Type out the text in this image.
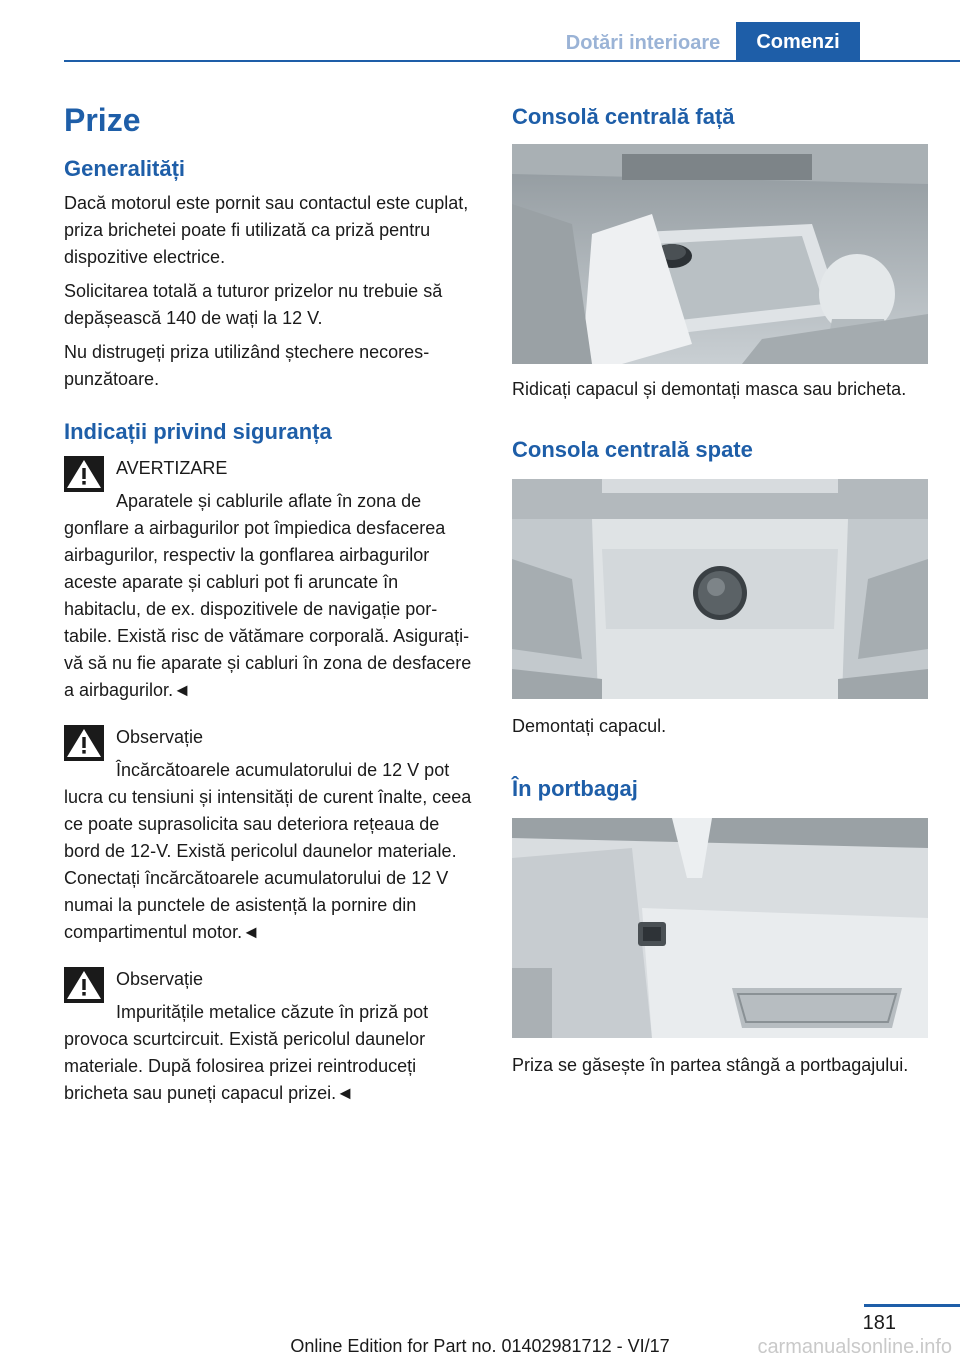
Dotări interioare	Comenzi
Prize
Generalități

Dacă motorul este pornit sau contactul este cuplat, priza brichetei poate fi utilizată ca priză pentru dispozitive electrice.

Solicitarea totală a tuturor prizelor nu trebuie să depășească 140 de wați la 12 V.

Nu distrugeți priza utilizând ștechere necorespunzătoare.

Indicații privind siguranța
AVERTIZARE

Aparatele și cablurile aflate în zona de gonflare a airbagurilor pot împiedica desfacerea airbagurilor, respectiv la gonflarea airbagurilor aceste aparate și cabluri pot fi aruncate în habitaclu, de ex. dispozitivele de navigație portabile. Există risc de vătămare corporală. Asigurați-vă să nu fie aparate și cabluri în zona de desfacere a airbagurilor.◄

Observație

Încărcătoarele acumulatorului de 12 V pot lucra cu tensiuni și intensități de curent înalte, ceea ce poate suprasolicita sau deteriora rețeaua de bord de 12-V. Există pericolul daunelor materiale. Conectați încărcătoarele acumulatorului de 12 V numai la punctele de asistență la pornire din compartimentul motor.◄

Observație

Impuritățile metalice căzute în priză pot provoca scurtcircuit. Există pericolul daunelor materiale. După folosirea prizei reintroduceți bricheta sau puneți capacul prizei.◄

Consolă centrală față

Ridicați capacul și demontați masca sau bricheta.

Consola centrală spate

Demontați capacul.

În portbagaj

Priza se găsește în partea stângă a portbagajului.

181
Online Edition for Part no. 01402981712 - VI/17	carmanualsonline.info
